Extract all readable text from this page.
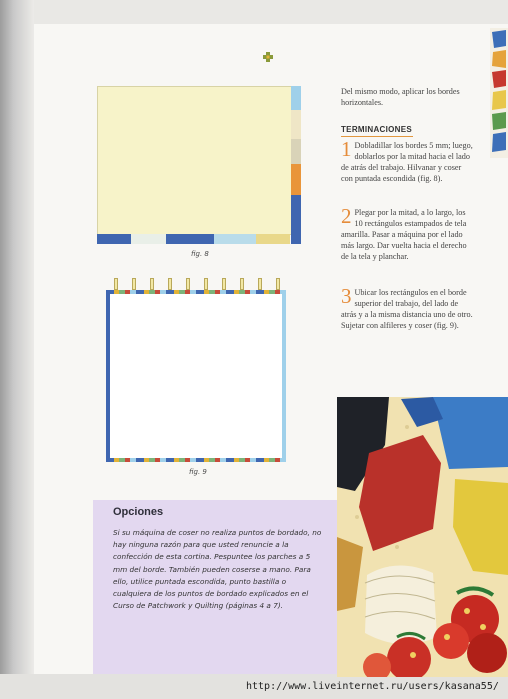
fig. 8
fig. 9

Del mismo modo, aplicar los bordes horizontales.

TERMINACIONES
1 Dobladillar los bordes 5 mm; luego, doblarlos por la mitad hacia el lado de atrás del trabajo. Hilvanar y coser con puntada escondida (fig. 8).

2 Plegar por la mitad, a lo largo, los 10 rectángulos estampados de tela amarilla. Pasar a máquina por el lado más largo. Dar vuelta hacia el derecho de la tela y planchar.

3 Ubicar los rectángulos en el borde superior del trabajo, del lado de atrás y a la misma distancia uno de otro. Sujetar con alfileres y coser (fig. 9).

Opciones
Si su máquina de coser no realiza puntos de bordado, no hay ninguna razón para que usted renuncie a la confección de esta cortina. Pespuntee los parches a 5 mm del borde. También pueden coserse a mano. Para ello, utilice puntada escondida, punto bastilla o cualquiera de los puntos de bordado explicados en el Curso de Patchwork y Quilting (páginas 4 a 7).
http://www.liveinternet.ru/users/kasana55/
